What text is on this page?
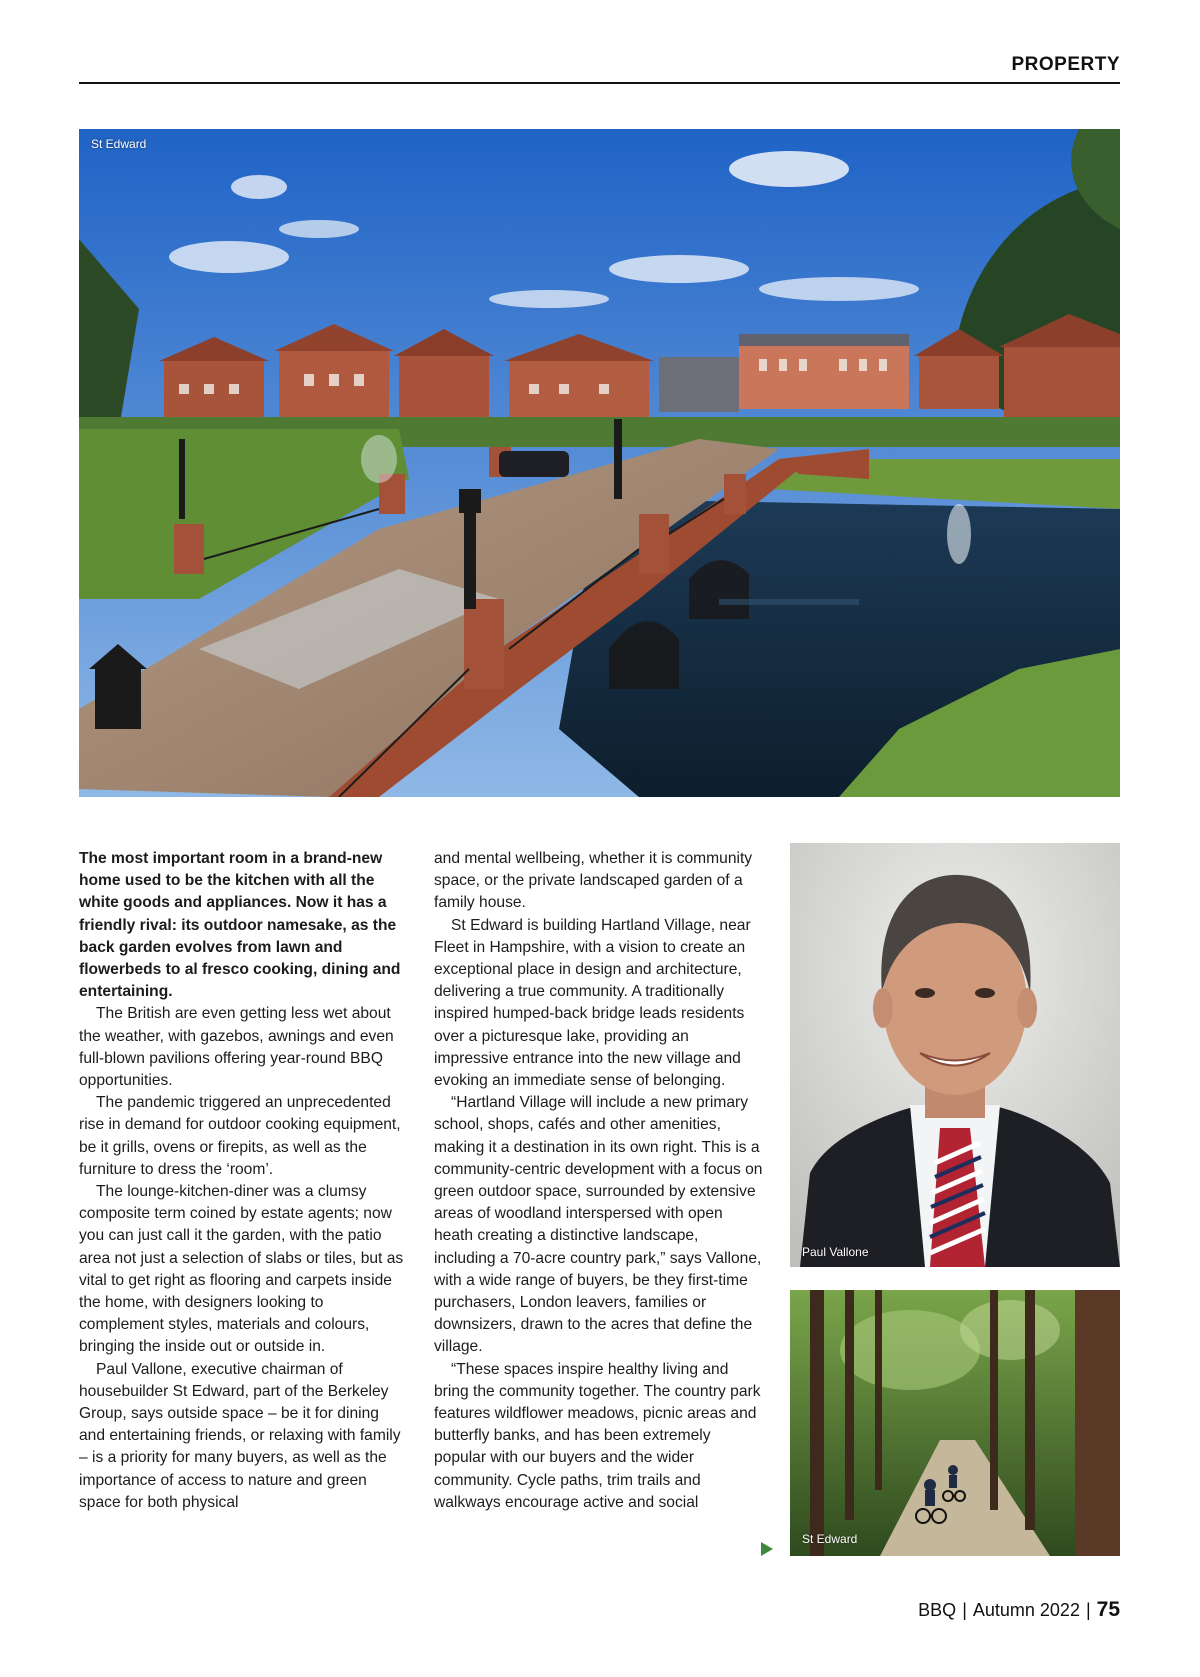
PROPERTY
St Edward

The most important room in a brand-new home used to be the kitchen with all the white goods and appliances. Now it has a friendly rival: its outdoor namesake, as the back garden evolves from lawn and flowerbeds to al fresco cooking, dining and entertaining.

The British are even getting less wet about the weather, with gazebos, awnings and even full-blown pavilions offering year-round BBQ opportunities.

The pandemic triggered an unprecedented rise in demand for outdoor cooking equipment, be it grills, ovens or firepits, as well as the furniture to dress the ‘room’.

The lounge-kitchen-diner was a clumsy composite term coined by estate agents; now you can just call it the garden, with the patio area not just a selection of slabs or tiles, but as vital to get right as flooring and carpets inside the home, with designers looking to complement styles, materials and colours, bringing the inside out or outside in.

Paul Vallone, executive chairman of housebuilder St Edward, part of the Berkeley Group, says outside space – be it for dining and entertaining friends, or relaxing with family – is a priority for many buyers, as well as the importance of access to nature and green space for both physical

and mental wellbeing, whether it is community space, or the private landscaped garden of a family house.

St Edward is building Hartland Village, near Fleet in Hampshire, with a vision to create an exceptional place in design and architecture, delivering a true community. A traditionally inspired humped-back bridge leads residents over a picturesque lake, providing an impressive entrance into the new village and evoking an immediate sense of belonging.

“Hartland Village will include a new primary school, shops, cafés and other amenities, making it a destination in its own right. This is a community-centric development with a focus on green outdoor space, surrounded by extensive areas of woodland interspersed with open heath creating a distinctive landscape, including a 70-acre country park,” says Vallone, with a wide range of buyers, be they first-time purchasers, London leavers, families or downsizers, drawn to the acres that define the village.

“These spaces inspire healthy living and bring the community together. The country park features wildflower meadows, picnic areas and butterfly banks, and has been extremely popular with our buyers and the wider community. Cycle paths, trim trails and walkways encourage active and social

Paul Vallone
St Edward
BBQ | Autumn 2022 | 75
